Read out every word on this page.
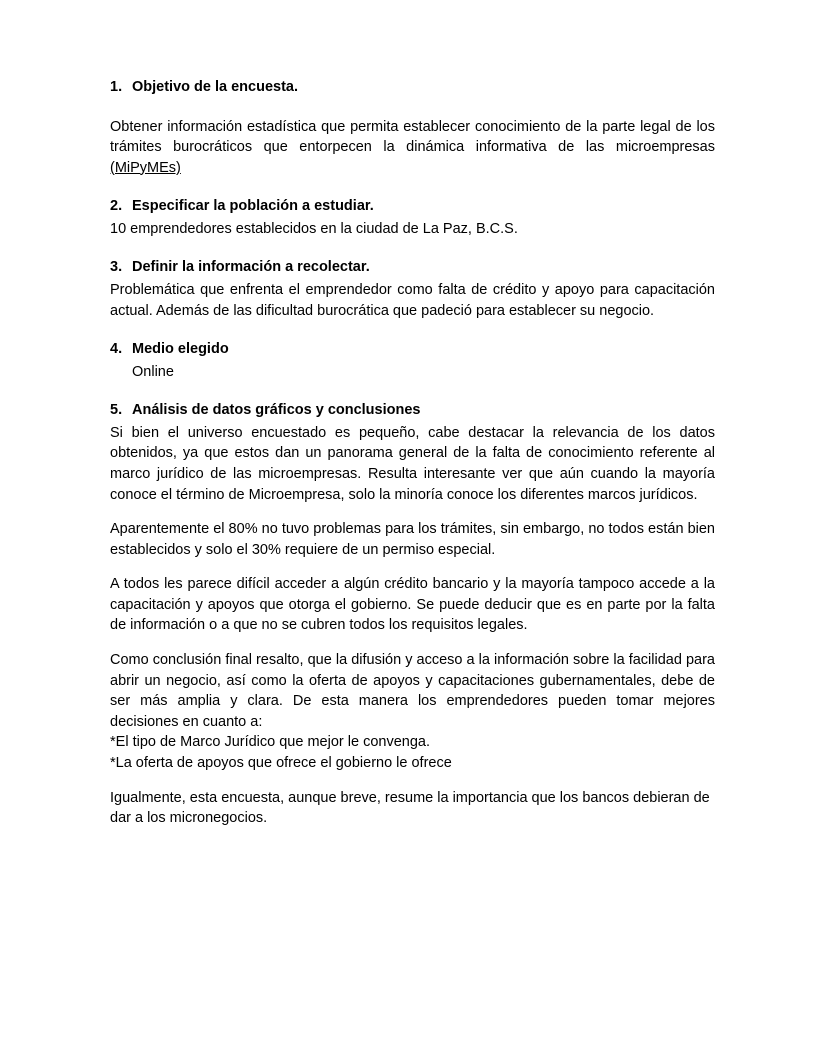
1. Objetivo de la encuesta.

Obtener información estadística que permita establecer conocimiento de la parte legal de los trámites burocráticos que entorpecen la dinámica informativa de las microempresas (MiPyMEs)

2. Especificar la población a estudiar.

10 emprendedores establecidos en la ciudad de La Paz, B.C.S.

3. Definir la información a recolectar.

Problemática que enfrenta el emprendedor como falta de crédito y apoyo para capacitación actual. Además de las dificultad burocrática que padeció para establecer su negocio.

4. Medio elegido

Online

5. Análisis de datos gráficos y conclusiones

Si bien el universo encuestado es pequeño, cabe destacar la relevancia de los datos obtenidos, ya que estos dan un panorama general de la falta de conocimiento referente al marco jurídico de las microempresas. Resulta interesante ver que aún cuando la mayoría conoce el término de Microempresa, solo la minoría conoce los diferentes marcos jurídicos.

Aparentemente el 80% no tuvo problemas para los trámites, sin embargo, no todos están bien establecidos y solo el 30% requiere de un permiso especial.

A todos les parece difícil acceder a algún crédito bancario y la mayoría tampoco accede a la capacitación y apoyos que otorga el gobierno. Se puede deducir que es en parte por la falta de información o a que no se cubren todos los requisitos legales.

Como conclusión final resalto, que la difusión y acceso a la información sobre la facilidad para abrir un negocio, así como la oferta de apoyos y capacitaciones gubernamentales, debe de ser más amplia y clara. De esta manera los emprendedores pueden tomar mejores decisiones en cuanto a:

*El tipo de Marco Jurídico que mejor le convenga.

*La oferta de apoyos que ofrece el gobierno le ofrece

Igualmente, esta encuesta, aunque breve, resume la importancia que los bancos debieran de dar a los micronegocios.
